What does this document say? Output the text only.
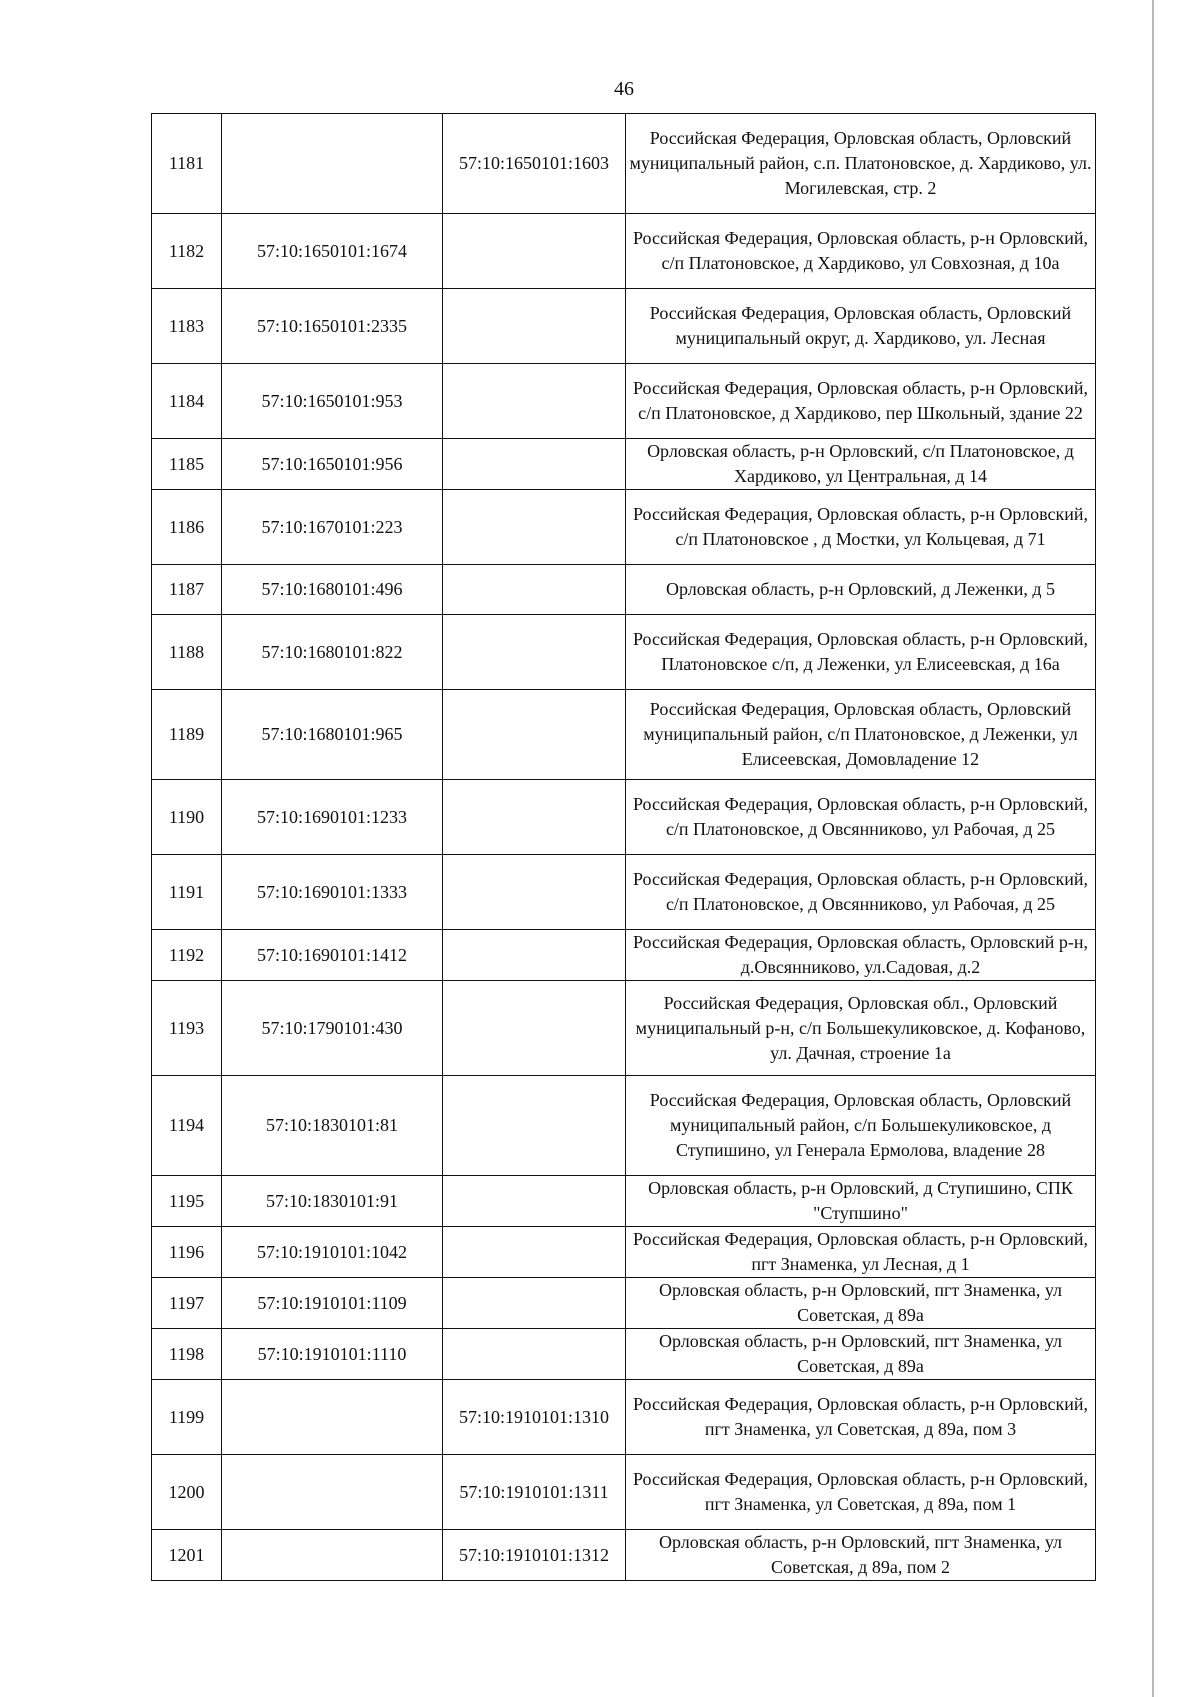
46
1181		57:10:1650101:1603	Российская Федерация, Орловская область, Орловский муниципальный район, с.п. Платоновское, д. Хардиково, ул. Могилевская, стр. 2
1182	57:10:1650101:1674		Российская Федерация, Орловская область, р-н Орловский, с/п Платоновское, д Хардиково, ул Совхозная, д 10а
1183	57:10:1650101:2335		Российская Федерация, Орловская область, Орловский муниципальный округ, д. Хардиково, ул. Лесная
1184	57:10:1650101:953		Российская Федерация, Орловская область, р-н Орловский, с/п Платоновское, д Хардиково, пер Школьный, здание 22
1185	57:10:1650101:956		Орловская область, р-н Орловский, с/п Платоновское, д Хардиково, ул Центральная, д 14
1186	57:10:1670101:223		Российская Федерация, Орловская область, р-н Орловский, с/п Платоновское , д Мостки, ул Кольцевая, д 71
1187	57:10:1680101:496		Орловская область, р-н Орловский, д Леженки, д 5
1188	57:10:1680101:822		Российская Федерация, Орловская область, р-н Орловский, Платоновское с/п, д Леженки, ул Елисеевская, д 16а
1189	57:10:1680101:965		Российская Федерация, Орловская область, Орловский муниципальный район, с/п Платоновское, д Леженки, ул Елисеевская, Домовладение 12
1190	57:10:1690101:1233		Российская Федерация, Орловская область, р-н Орловский, с/п Платоновское, д Овсянниково, ул Рабочая, д 25
1191	57:10:1690101:1333		Российская Федерация, Орловская область, р-н Орловский, с/п Платоновское, д Овсянниково, ул Рабочая, д 25
1192	57:10:1690101:1412		Российская Федерация, Орловская область, Орловский р-н, д.Овсянниково, ул.Садовая, д.2
1193	57:10:1790101:430		Российская Федерация, Орловская обл., Орловский муниципальный р-н, с/п Большекуликовское, д. Кофаново, ул. Дачная, строение 1а
1194	57:10:1830101:81		Российская Федерация, Орловская область, Орловский муниципальный район, с/п Большекуликовское, д Ступишино, ул Генерала Ермолова, владение 28
1195	57:10:1830101:91		Орловская область, р-н Орловский, д Ступишино, СПК "Ступшино"
1196	57:10:1910101:1042		Российская Федерация, Орловская область, р-н Орловский, пгт Знаменка, ул Лесная, д 1
1197	57:10:1910101:1109		Орловская область, р-н Орловский, пгт Знаменка, ул Советская, д 89а
1198	57:10:1910101:1110		Орловская область, р-н Орловский, пгт Знаменка, ул Советская, д 89а
1199		57:10:1910101:1310	Российская Федерация, Орловская область, р-н Орловский, пгт Знаменка, ул Советская, д 89а, пом 3
1200		57:10:1910101:1311	Российская Федерация, Орловская область, р-н Орловский, пгт Знаменка, ул Советская, д 89а, пом 1
1201		57:10:1910101:1312	Орловская область, р-н Орловский, пгт Знаменка, ул Советская, д 89а, пом 2
